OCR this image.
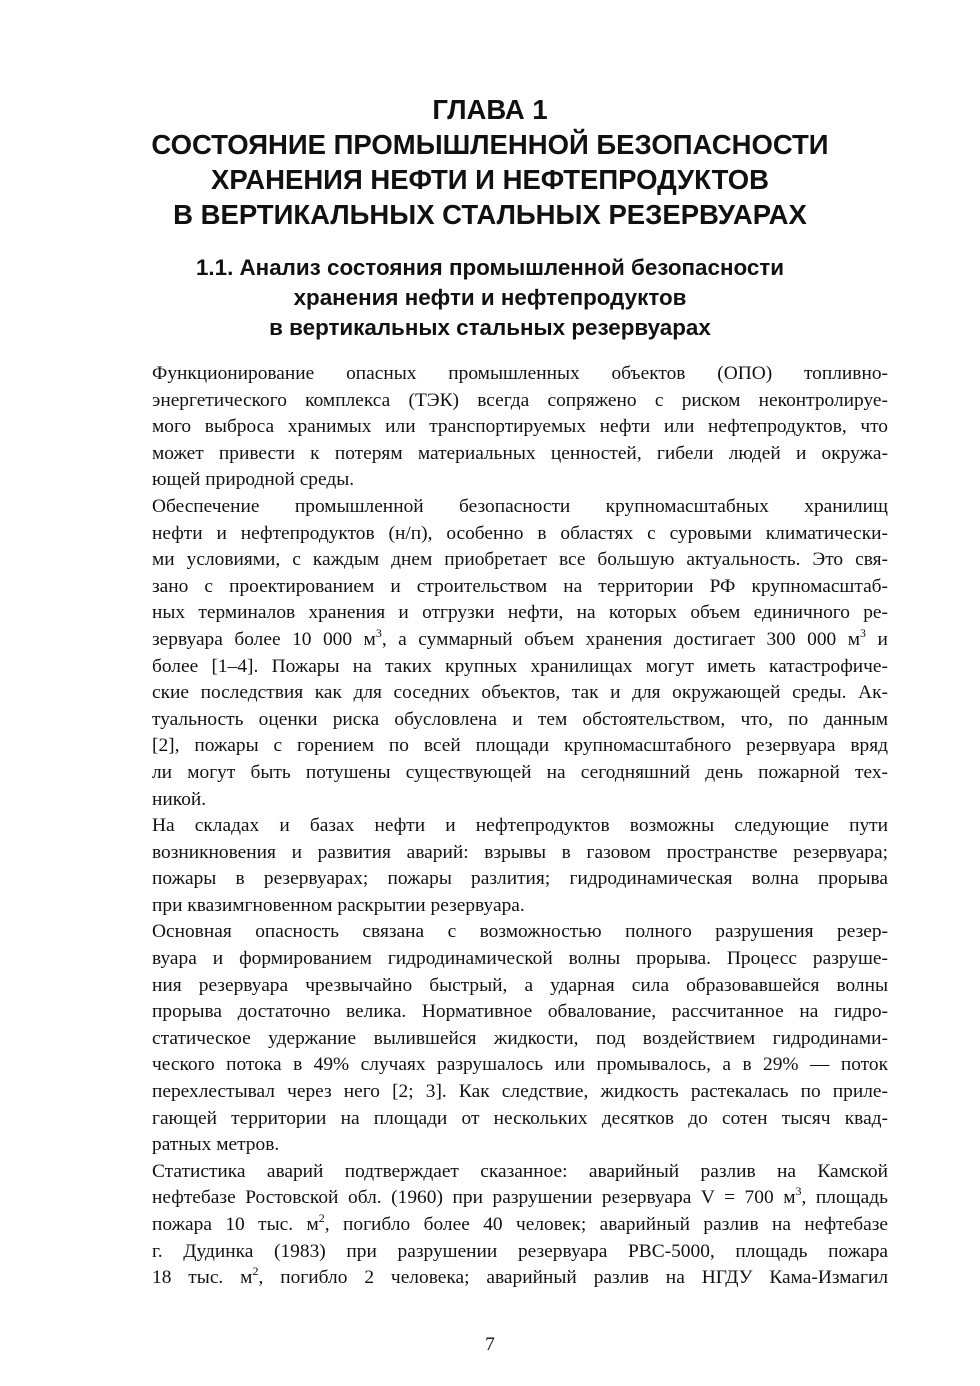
ГЛАВА 1
СОСТОЯНИЕ ПРОМЫШЛЕННОЙ БЕЗОПАСНОСТИ
ХРАНЕНИЯ НЕФТИ И НЕФТЕПРОДУКТОВ
В ВЕРТИКАЛЬНЫХ СТАЛЬНЫХ РЕЗЕРВУАРАХ
1.1. Анализ состояния промышленной безопасности
хранения нефти и нефтепродуктов
в вертикальных стальных резервуарах

Функционирование опасных промышленных объектов (ОПО) топливно-
энергетического комплекса (ТЭК) всегда сопряжено с риском неконтролируе-
мого выброса хранимых или транспортируемых нефти или нефтепродуктов, что
может привести к потерям материальных ценностей, гибели людей и окружа-
ющей природной среды.

Обеспечение промышленной безопасности крупномасштабных хранилищ
нефти и нефтепродуктов (н/п), особенно в областях с суровыми климатически-
ми условиями, с каждым днем приобретает все большую актуальность. Это свя-
зано с проектированием и строительством на территории РФ крупномасштаб-
ных терминалов хранения и отгрузки нефти, на которых объем единичного ре-
зервуара более 10 000 $м^3$, а суммарный объем хранения достигает 300 000 $м^3$ и
более [1–4]. Пожары на таких крупных хранилищах могут иметь катастрофиче-
ские последствия как для соседних объектов, так и для окружающей среды. Ак-
туальность оценки риска обусловлена и тем обстоятельством, что, по данным
[2], пожары с горением по всей площади крупномасштабного резервуара вряд
ли могут быть потушены существующей на сегодняшний день пожарной тех-
никой.

На складах и базах нефти и нефтепродуктов возможны следующие пути
возникновения и развития аварий: взрывы в газовом пространстве резервуара;
пожары в резервуарах; пожары разлития; гидродинамическая волна прорыва
при квазимгновенном раскрытии резервуара.

Основная опасность связана с возможностью полного разрушения резер-
вуара и формированием гидродинамической волны прорыва. Процесс разруше-
ния резервуара чрезвычайно быстрый, а ударная сила образовавшейся волны
прорыва достаточно велика. Нормативное обвалование, рассчитанное на гидро-
статическое удержание вылившейся жидкости, под воздействием гидродинами-
ческого потока в 49% случаях разрушалось или промывалось, а в 29% — поток
перехлестывал через него [2; 3]. Как следствие, жидкость растекалась по приле-
гающей территории на площади от нескольких десятков до сотен тысяч квад-
ратных метров.

Статистика аварий подтверждает сказанное: аварийный разлив на Камской
нефтебазе Ростовской обл. (1960) при разрушении резервуара V = 700 $м^3$, площадь
пожара 10 тыс. $м^2$, погибло более 40 человек; аварийный разлив на нефтебазе
г. Дудинка (1983) при разрушении резервуара РВС-5000, площадь пожара
18 тыс. $м^2$, погибло 2 человека; аварийный разлив на НГДУ Кама-Измагил

7
